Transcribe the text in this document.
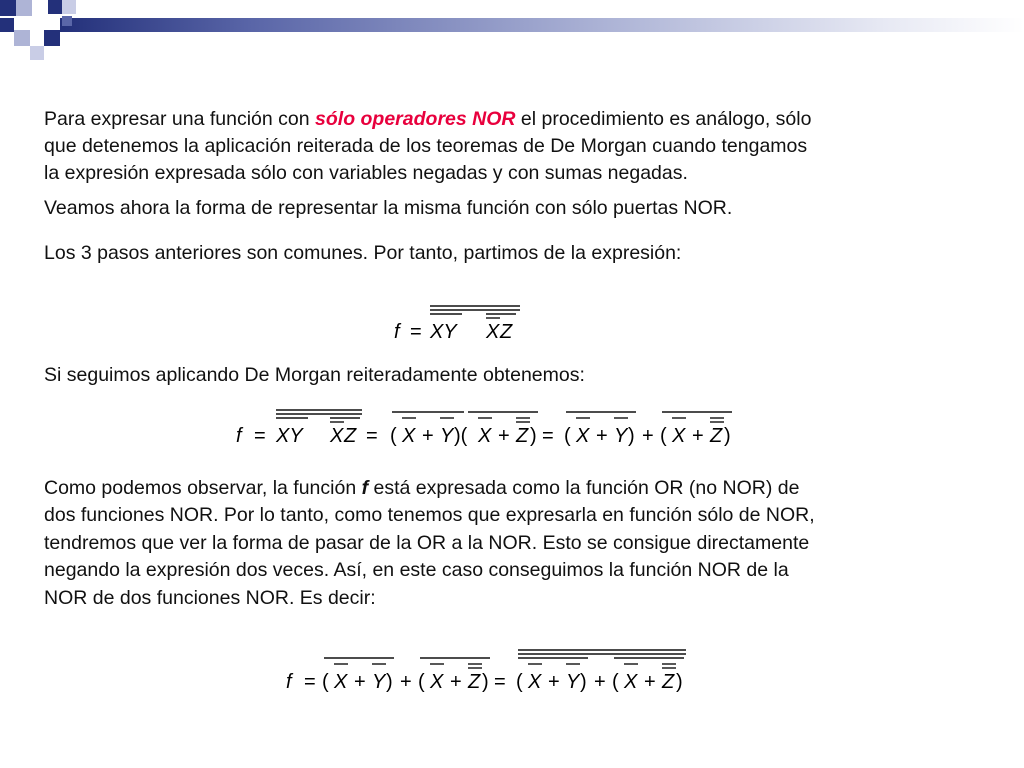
Para expresar una función con sólo operadores NOR el procedimiento es análogo, sólo
que detenemos la aplicación reiterada de los teoremas de De Morgan cuando tengamos
la expresión expresada sólo con variables negadas y con sumas negadas.

Veamos ahora la forma de representar la misma función con sólo puertas NOR.

Los 3 pasos anteriores son comunes. Por tanto, partimos de la expresión:

f = XY X Z

Si seguimos aplicando De Morgan reiteradamente obtenemos:

f = XY X Z = ( X + Y )( X + Z ) = ( X + Y ) + ( X + Z )
Como podemos observar, la función f está expresada como la función OR (no NOR) de
dos funciones NOR. Por lo tanto, como tenemos que expresarla en función sólo de NOR,
tendremos que ver la forma de pasar de la OR a la NOR. Esto se consigue directamente
negando la expresión dos veces. Así, en este caso conseguimos la función NOR de la
NOR de dos funciones NOR. Es decir:
f = ( X + Y ) + ( X + Z ) = ( X + Y ) + ( X + Z )
